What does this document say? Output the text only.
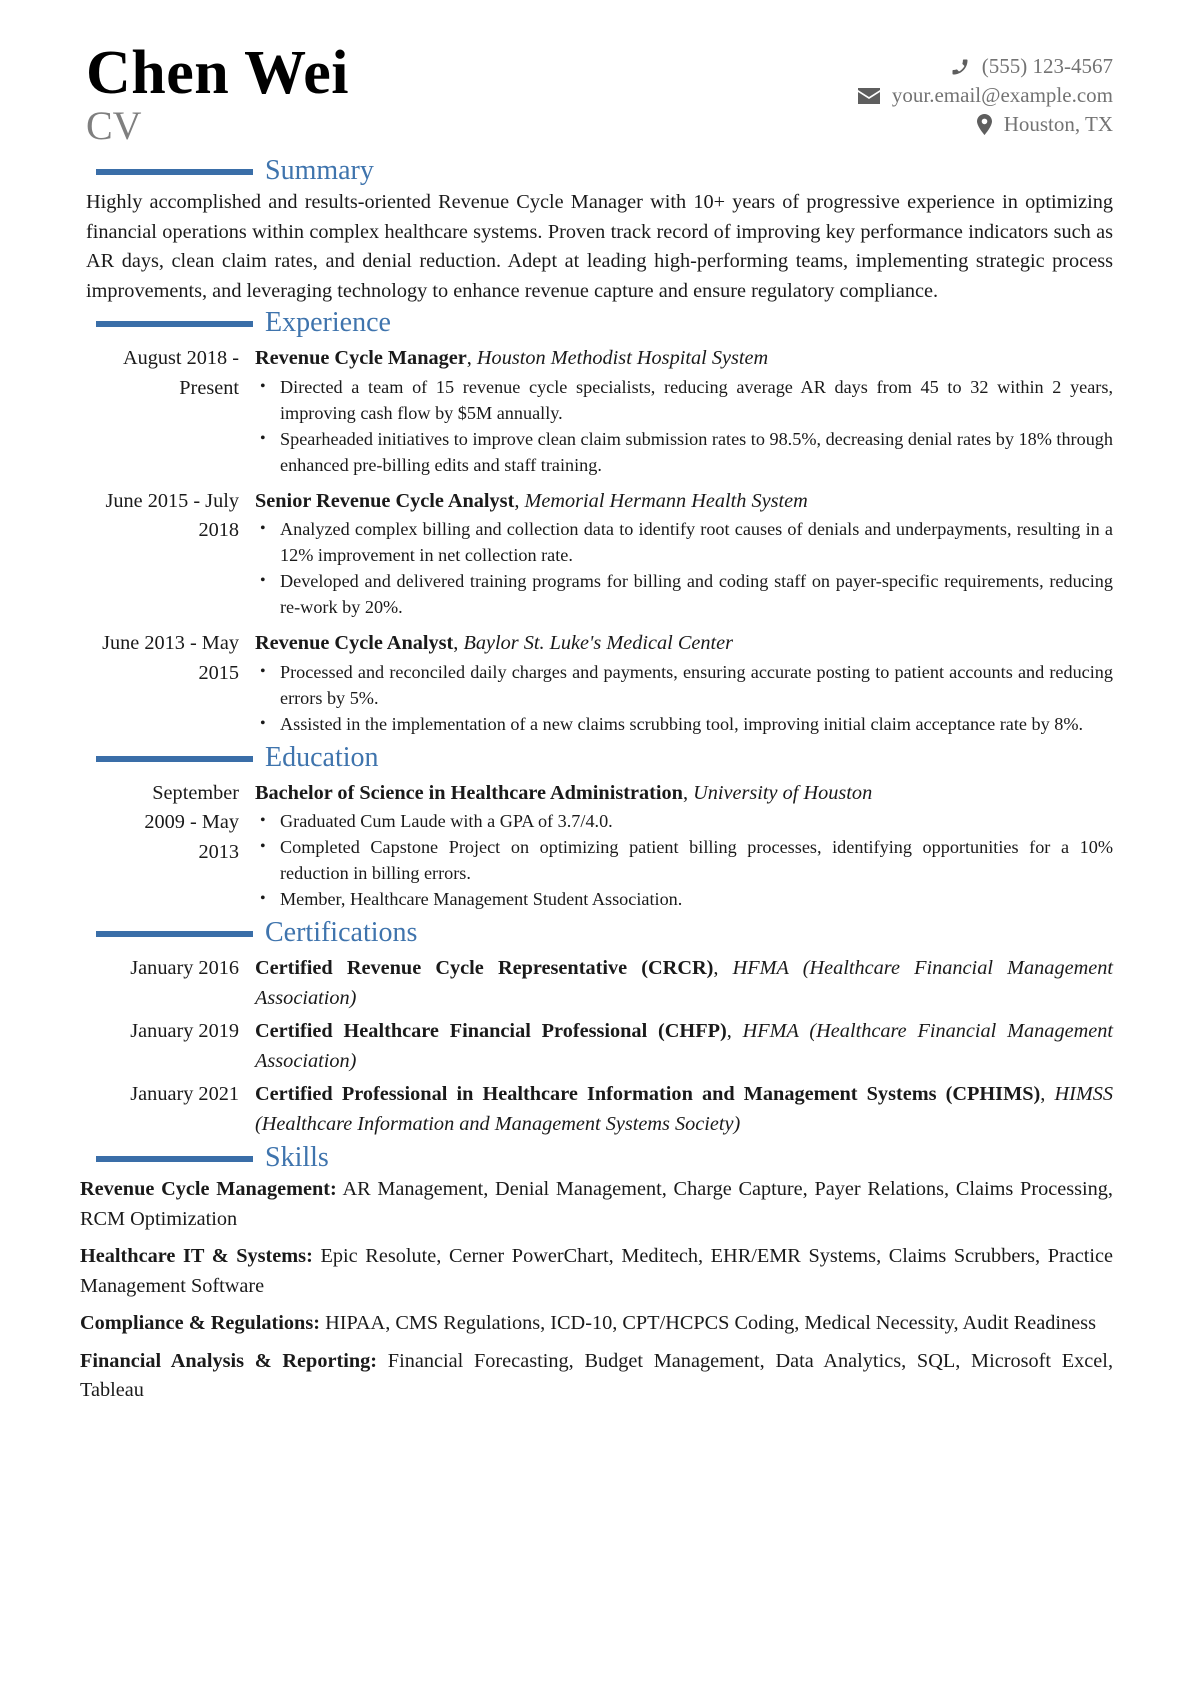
Chen Wei
CV
(555) 123-4567
your.email@example.com
Houston, TX
Summary

Highly accomplished and results-oriented Revenue Cycle Manager with 10+ years of progressive experience in optimizing financial operations within complex healthcare systems. Proven track record of improving key performance indicators such as AR days, clean claim rates, and denial reduction. Adept at leading high-performing teams, implementing strategic process improvements, and leveraging technology to enhance revenue capture and ensure regulatory compliance.

Experience
August 2018 - Present
Revenue Cycle Manager, Houston Methodist Hospital System
• Directed a team of 15 revenue cycle specialists, reducing average AR days from 45 to 32 within 2 years, improving cash flow by $5M annually.
• Spearheaded initiatives to improve clean claim submission rates to 98.5%, decreasing denial rates by 18% through enhanced pre-billing edits and staff training.
June 2015 - July 2018
Senior Revenue Cycle Analyst, Memorial Hermann Health System
• Analyzed complex billing and collection data to identify root causes of denials and underpayments, resulting in a 12% improvement in net collection rate.
• Developed and delivered training programs for billing and coding staff on payer-specific requirements, reducing re-work by 20%.
June 2013 - May 2015
Revenue Cycle Analyst, Baylor St. Luke's Medical Center
• Processed and reconciled daily charges and payments, ensuring accurate posting to patient accounts and reducing errors by 5%.
• Assisted in the implementation of a new claims scrubbing tool, improving initial claim acceptance rate by 8%.
Education
September 2009 - May 2013
Bachelor of Science in Healthcare Administration, University of Houston
• Graduated Cum Laude with a GPA of 3.7/4.0.
• Completed Capstone Project on optimizing patient billing processes, identifying opportunities for a 10% reduction in billing errors.
• Member, Healthcare Management Student Association.
Certifications
January 2016 Certified Revenue Cycle Representative (CRCR), HFMA (Healthcare Financial Management Association)
January 2019 Certified Healthcare Financial Professional (CHFP), HFMA (Healthcare Financial Management Association)
January 2021 Certified Professional in Healthcare Information and Management Systems (CPHIMS), HIMSS (Healthcare Information and Management Systems Society)
Skills

Revenue Cycle Management: AR Management, Denial Management, Charge Capture, Payer Relations, Claims Processing, RCM Optimization

Healthcare IT & Systems: Epic Resolute, Cerner PowerChart, Meditech, EHR/EMR Systems, Claims Scrubbers, Practice Management Software

Compliance & Regulations: HIPAA, CMS Regulations, ICD-10, CPT/HCPCS Coding, Medical Necessity, Audit Readiness

Financial Analysis & Reporting: Financial Forecasting, Budget Management, Data Analytics, SQL, Microsoft Excel, Tableau
